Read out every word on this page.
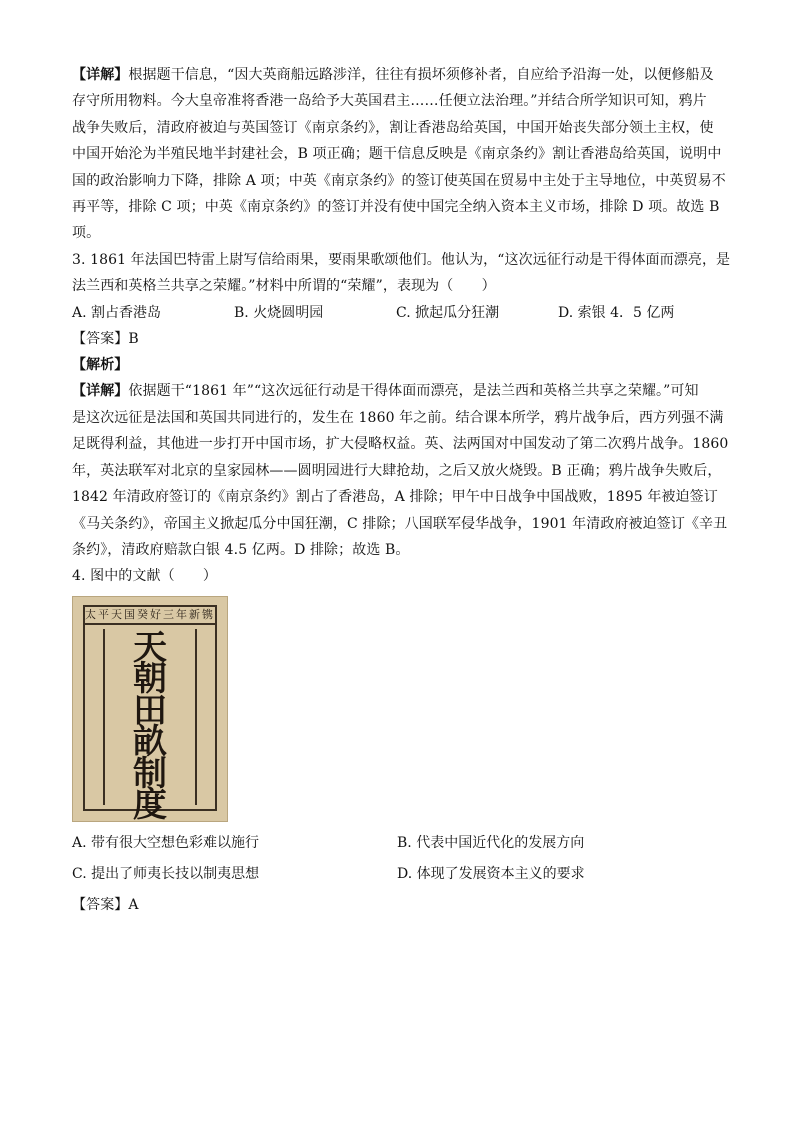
【详解】根据题干信息，“因大英商船远路涉洋，往往有损坏须修补者，自应给予沿海一处，以便修船及
存守所用物料。今大皇帝准将香港一岛给予大英国君主……任便立法治理。”并结合所学知识可知，鸦片
战争失败后，清政府被迫与英国签订《南京条约》，割让香港岛给英国，中国开始丧失部分领土主权，使
中国开始沦为半殖民地半封建社会，B 项正确；题干信息反映是《南京条约》割让香港岛给英国，说明中
国的政治影响力下降，排除 A 项；中英《南京条约》的签订使英国在贸易中主处于主导地位，中英贸易不
再平等，排除 C 项；中英《南京条约》的签订并没有使中国完全纳入资本主义市场，排除 D 项。故选 B
项。

3. 1861 年法国巴特雷上尉写信给雨果，要雨果歌颂他们。他认为，“这次远征行动是干得体面而漂亮，是
法兰西和英格兰共享之荣耀。”材料中所谓的“荣耀”，表现为（　　）

A. 割占香港岛	B. 火烧圆明园	C. 掀起瓜分狂潮	D. 索银 4．5 亿两

【答案】B

【解析】

【详解】依据题干“1861 年”“这次远征行动是干得体面而漂亮，是法兰西和英格兰共享之荣耀。”可知
是这次远征是法国和英国共同进行的，发生在 1860 年之前。结合课本所学，鸦片战争后，西方列强不满
足既得利益，其他进一步打开中国市场，扩大侵略权益。英、法两国对中国发动了第二次鸦片战争。1860
年，英法联军对北京的皇家园林——圆明园进行大肆抢劫，之后又放火烧毁。B 正确；鸦片战争失败后，
1842 年清政府签订的《南京条约》割占了香港岛，A 排除；甲午中日战争中国战败，1895 年被迫签订
《马关条约》，帝国主义掀起瓜分中国狂潮，C 排除；八国联军侵华战争，1901 年清政府被迫签订《辛丑
条约》，清政府赔款白银 4.5 亿两。D 排除；故选 B。

4. 图中的文献（　　）

太平天国癸好三年新镌
天
朝
田
畝
制
度
A. 带有很大空想色彩难以施行	B. 代表中国近代化的发展方向
C. 提出了师夷长技以制夷思想	D. 体现了发展资本主义的要求

【答案】A
